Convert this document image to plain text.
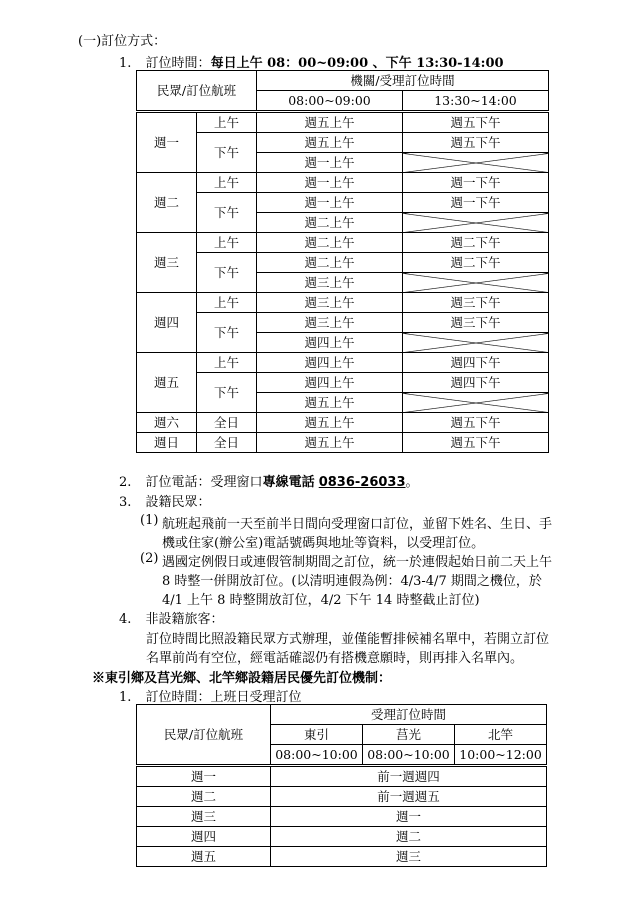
(一)訂位方式：
1. 訂位時間：每日上午 08：00~09:00 、下午 13:30-14:00
民眾/訂位航班		機關/受理訂位時間	
		08:00~09:00	13:30~14:00
週一	上午	週五上午	週五下午
	下午	週五上午	週五下午
		週一上午	
週二	上午	週一上午	週一下午
	下午	週一上午	週一下午
		週二上午	
週三	上午	週二上午	週二下午
	下午	週二上午	週二下午
		週三上午	
週四	上午	週三上午	週三下午
	下午	週三上午	週三下午
		週四上午	
週五	上午	週四上午	週四下午
	下午	週四上午	週四下午
		週五上午	
週六	全日	週五上午	週五下午
週日	全日	週五上午	週五下午
2. 訂位電話：受理窗口專線電話 0836-26033。
3. 設籍民眾：
(1) 航班起飛前一天至前半日間向受理窗口訂位，並留下姓名、生日、手
機或住家(辦公室)電話號碼與地址等資料，以受理訂位。
(2) 遇國定例假日或連假管制期間之訂位，統一於連假起始日前二天上午
8 時整一併開放訂位。(以清明連假為例：4/3-4/7 期間之機位，於
4/1 上午 8 時整開放訂位，4/2 下午 14 時整截止訂位)
4. 非設籍旅客：
訂位時間比照設籍民眾方式辦理，並僅能暫排候補名單中，若開立訂位
名單前尚有空位，經電話確認仍有搭機意願時，則再排入名單內。
※東引鄉及莒光鄉、北竿鄉設籍居民優先訂位機制：
1. 訂位時間：上班日受理訂位
民眾/訂位航班	受理訂位時間		
	東引	莒光	北竿
	08:00~10:00	08:00~10:00	10:00~12:00
週一	前一週週四		
週二	前一週週五		
週三	週一		
週四	週二		
週五	週三		
